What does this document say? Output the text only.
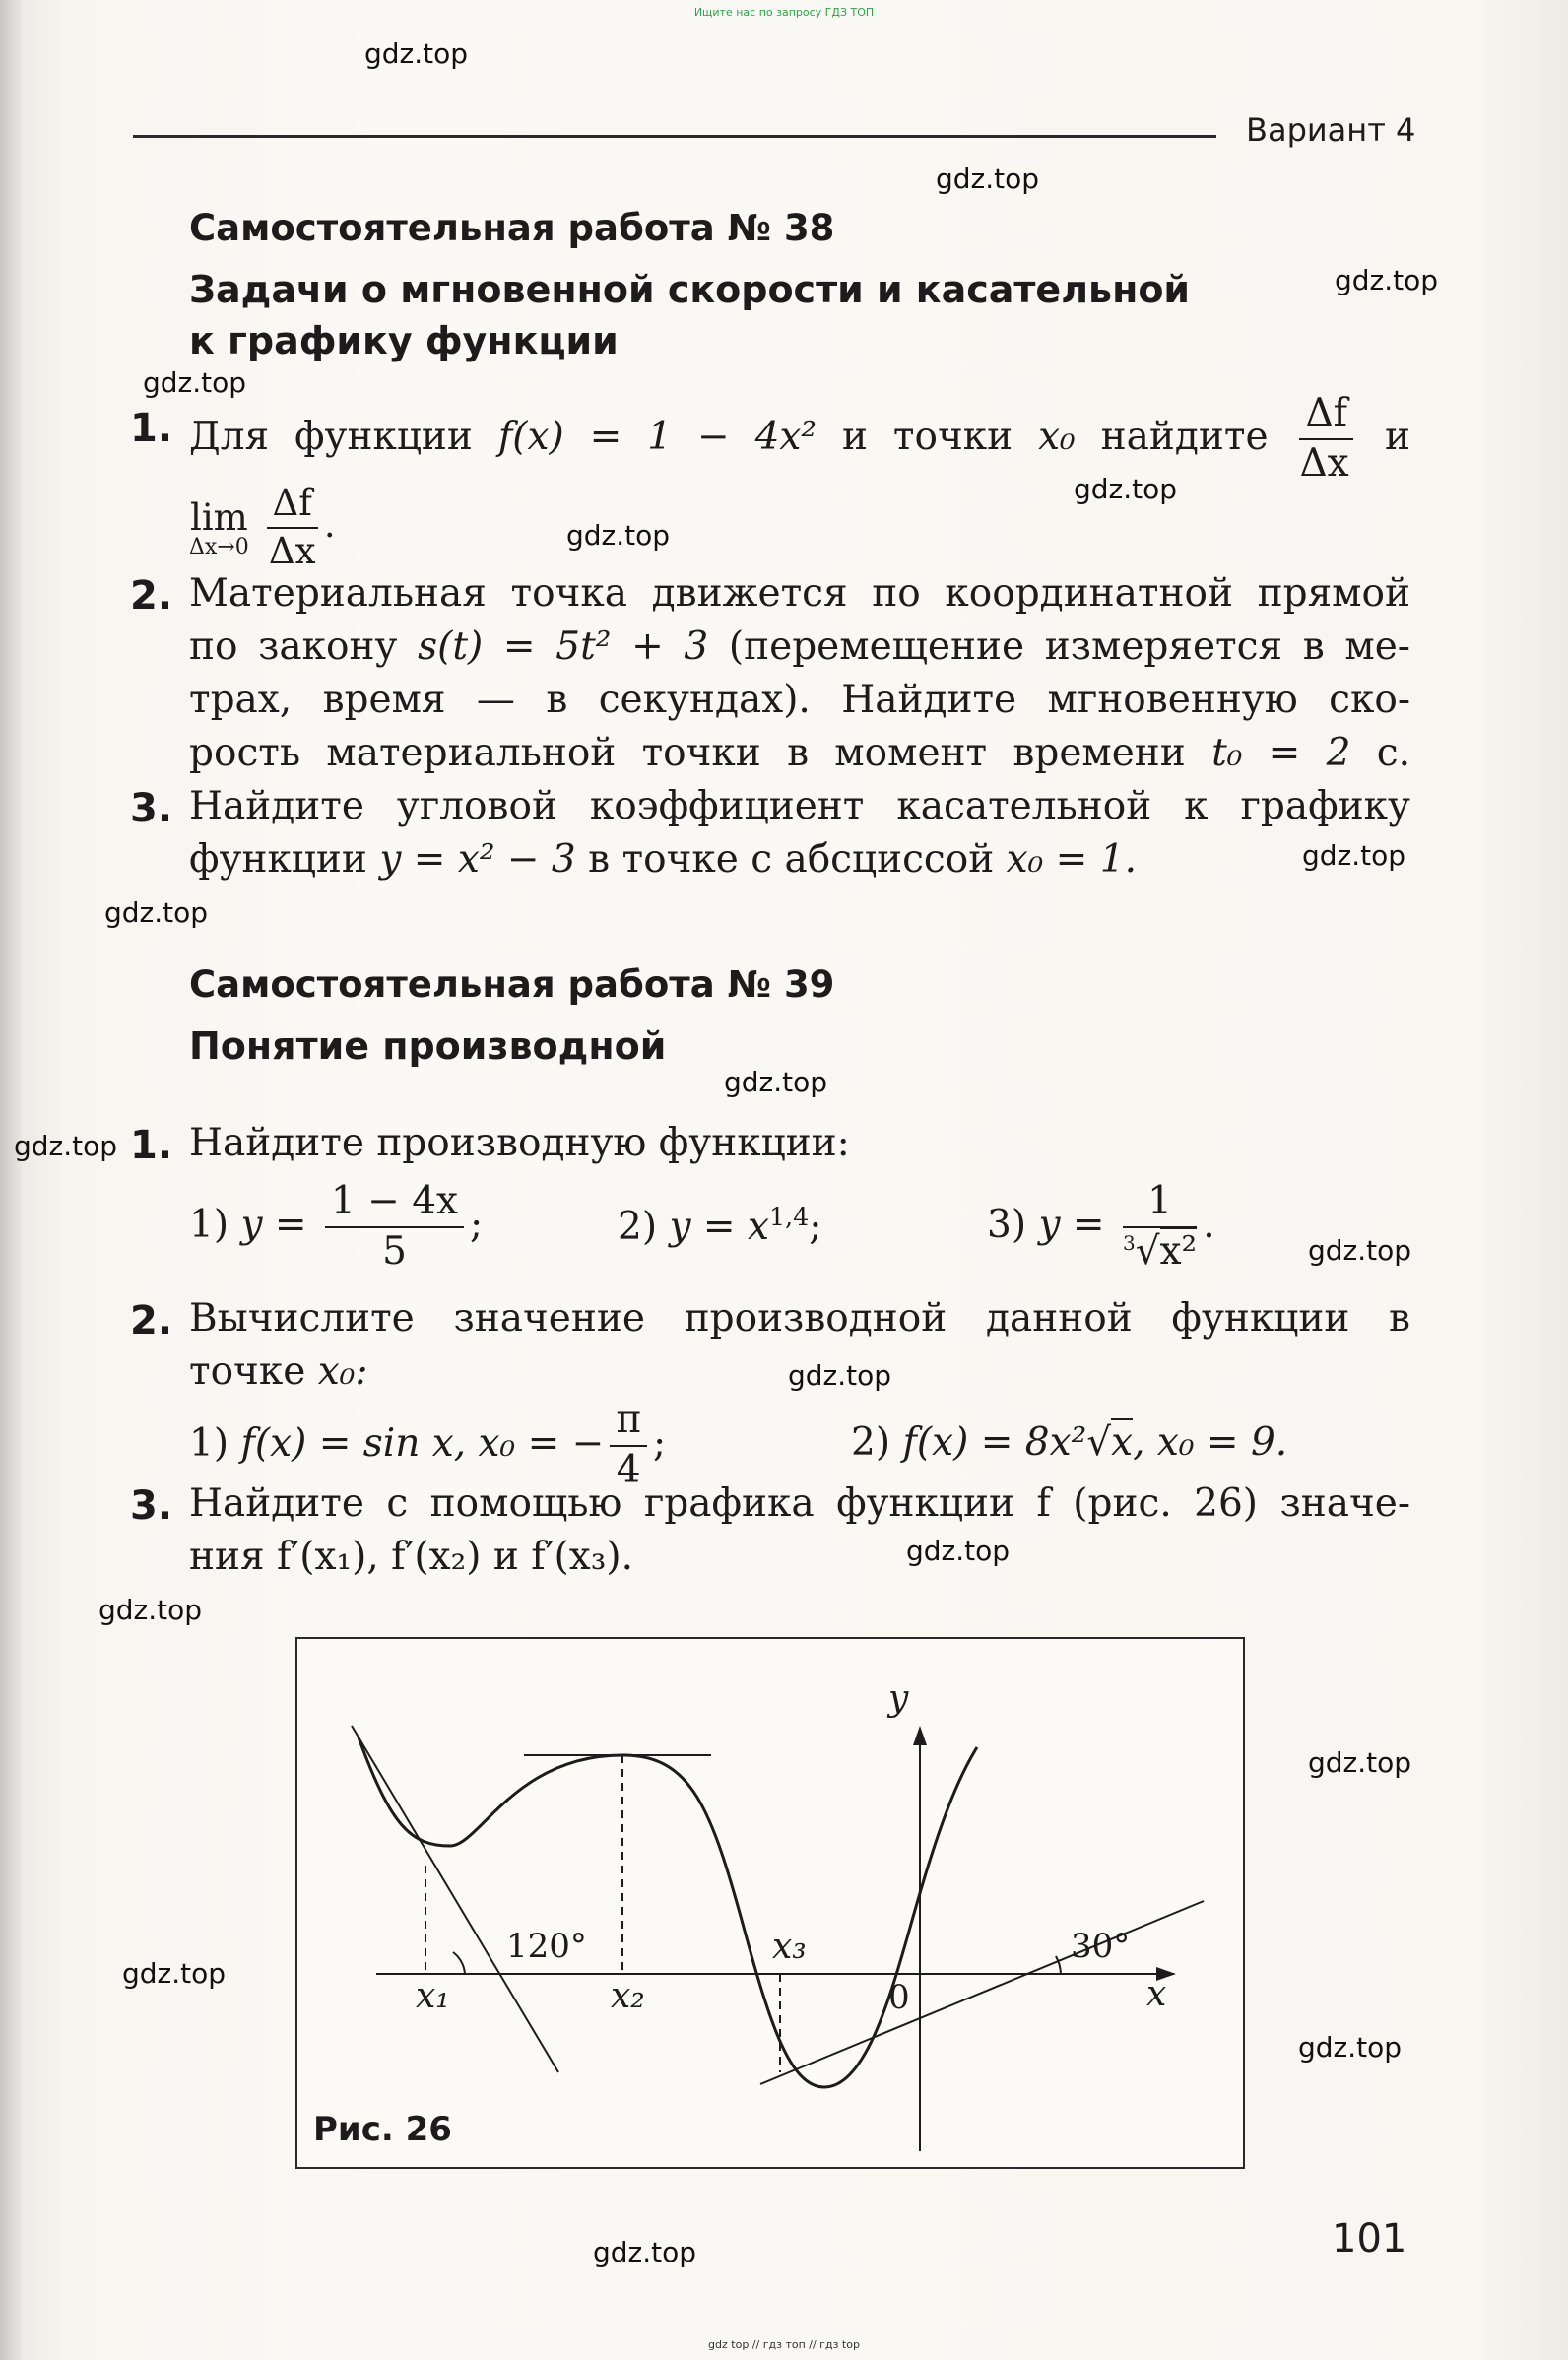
Ищите нас по запросу ГДЗ ТОП
gdz.top
gdz.top
gdz.top
gdz.top
gdz.top
gdz.top
gdz.top
gdz.top
gdz.top
gdz.top
gdz.top
gdz.top
gdz.top
gdz.top
gdz.top
gdz.top
gdz.top
gdz.top
Вариант 4
Самостоятельная работа № 38
Задачи о мгновенной скорости и касательной
к графику функции
1. Для функции f(x) = 1 − 4x² и точки x₀ найдите $\frac{\Delta f}{\Delta x}$ и
lim
Δx→0
$\frac{\Delta f}{\Delta x}$ .
2. Материальная точка движется по координатной прямой
по закону s(t) = 5t² + 3 (перемещение измеряется в ме-
трах, время — в секундах). Найдите мгновенную ско-
рость материальной точки в момент времени t₀ = 2 с.
3. Найдите угловой коэффициент касательной к графику
функции y = x² − 3 в точке с абсциссой x₀ = 1.
Самостоятельная работа № 39
Понятие производной
1. Найдите производную функции:
1) $y = \frac{1 - 4x}{5}$ ;	2) $y = x^{1,4}$;	3) $y = \frac{1}{^3√x^2}$ .
2. Вычислите значение производной данной функции в
точке x₀:
1) f(x) = sin x, x₀ = − $\frac{\pi}{4}$ ;	2) f(x) = 8x²√x, x₀ = 9.
3. Найдите с помощью графика функции f (рис. 26) значе-
ния f′(x₁), f′(x₂) и f′(x₃).
y
x
0
120°	30°
x₁	x₂
x₃
Рис. 26
101
gdz top // гдз топ // гдз top
